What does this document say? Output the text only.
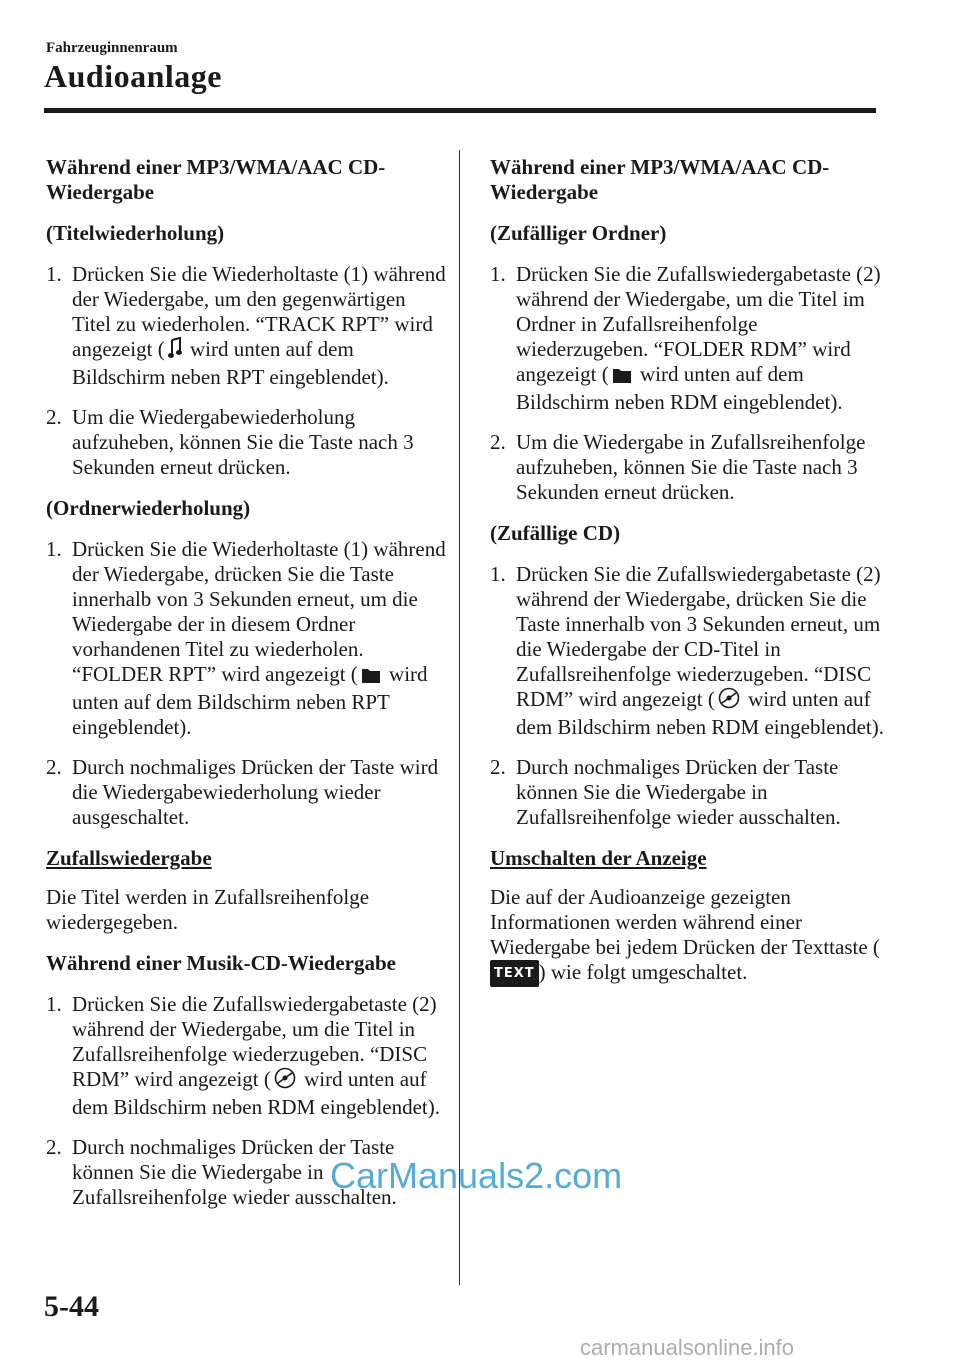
Fahrzeuginnenraum
Audioanlage

Während einer MP3/WMA/AAC CD-Wiedergabe

(Titelwiederholung)

1. Drücken Sie die Wiederholtaste (1) während der Wiedergabe, um den gegenwärtigen Titel zu wiederholen. “TRACK RPT” wird angezeigt ( wird unten auf dem Bildschirm neben RPT eingeblendet).
2. Um die Wiedergabewiederholung aufzuheben, können Sie die Taste nach 3 Sekunden erneut drücken.

(Ordnerwiederholung)

1. Drücken Sie die Wiederholtaste (1) während der Wiedergabe, drücken Sie die Taste innerhalb von 3 Sekunden erneut, um die Wiedergabe der in diesem Ordner vorhandenen Titel zu wiederholen. “FOLDER RPT” wird angezeigt ( wird unten auf dem Bildschirm neben RPT eingeblendet).
2. Durch nochmaliges Drücken der Taste wird die Wiedergabewiederholung wieder ausgeschaltet.

Zufallswiedergabe

Die Titel werden in Zufallsreihenfolge wiedergegeben.

Während einer Musik-CD-Wiedergabe

1. Drücken Sie die Zufallswiedergabetaste (2) während der Wiedergabe, um die Titel in Zufallsreihenfolge wiederzugeben. “DISC RDM” wird angezeigt ( wird unten auf dem Bildschirm neben RDM eingeblendet).
2. Durch nochmaliges Drücken der Taste können Sie die Wiedergabe in Zufallsreihenfolge wieder ausschalten.

Während einer MP3/WMA/AAC CD-Wiedergabe

(Zufälliger Ordner)

1. Drücken Sie die Zufallswiedergabetaste (2) während der Wiedergabe, um die Titel im Ordner in Zufallsreihenfolge wiederzugeben. “FOLDER RDM” wird angezeigt ( wird unten auf dem Bildschirm neben RDM eingeblendet).
2. Um die Wiedergabe in Zufallsreihenfolge aufzuheben, können Sie die Taste nach 3 Sekunden erneut drücken.

(Zufällige CD)

1. Drücken Sie die Zufallswiedergabetaste (2) während der Wiedergabe, drücken Sie die Taste innerhalb von 3 Sekunden erneut, um die Wiedergabe der CD-Titel in Zufallsreihenfolge wiederzugeben. “DISC RDM” wird angezeigt ( wird unten auf dem Bildschirm neben RDM eingeblendet).
2. Durch nochmaliges Drücken der Taste können Sie die Wiedergabe in Zufallsreihenfolge wieder ausschalten.

Umschalten der Anzeige

Die auf der Audioanzeige gezeigten Informationen werden während einer Wiedergabe bei jedem Drücken der Texttaste (TEXT ) wie folgt umgeschaltet.

5-44
CarManuals2.com
carmanualsonline.info
